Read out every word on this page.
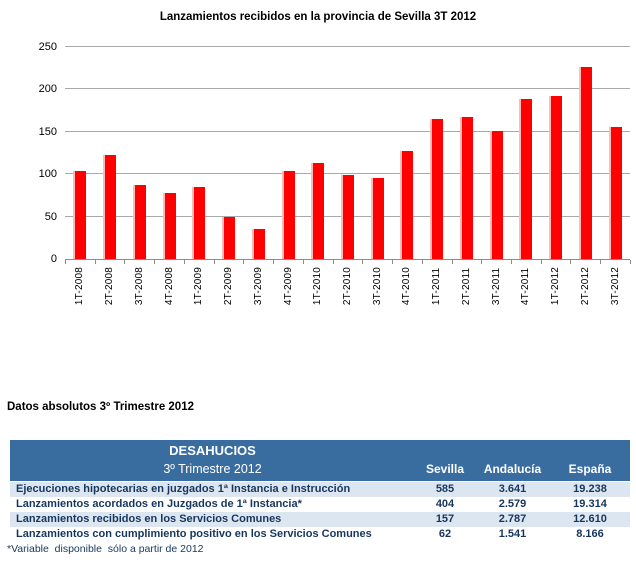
Lanzamientos recibidos en la provincia de Sevilla 3T 2012
0
50
100
150
200
250
1T-2008 2T-2008 3T-2008 4T-2008 1T-2009 2T-2009 3T-2009 4T-2009 1T-2010 2T-2010 3T-2010 4T-2010 1T-2011 2T-2011 3T-2011 4T-2011 1T-2012 2T-2012 3T-2012
Datos absolutos 3º Trimestre 2012
DESAHUCIOS
3º Trimestre 2012	Sevilla	Andalucía	España
Ejecuciones hipotecarias en juzgados 1ª Instancia e Instrucción	585	3.641	19.238
Lanzamientos acordados en Juzgados de 1ª Instancia*	404	2.579	19.314
Lanzamientos recibidos en los Servicios Comunes	157	2.787	12.610
Lanzamientos con cumplimiento positivo en los Servicios Comunes	62	1.541	8.166
*Variable  disponible  sólo a partir de 2012
